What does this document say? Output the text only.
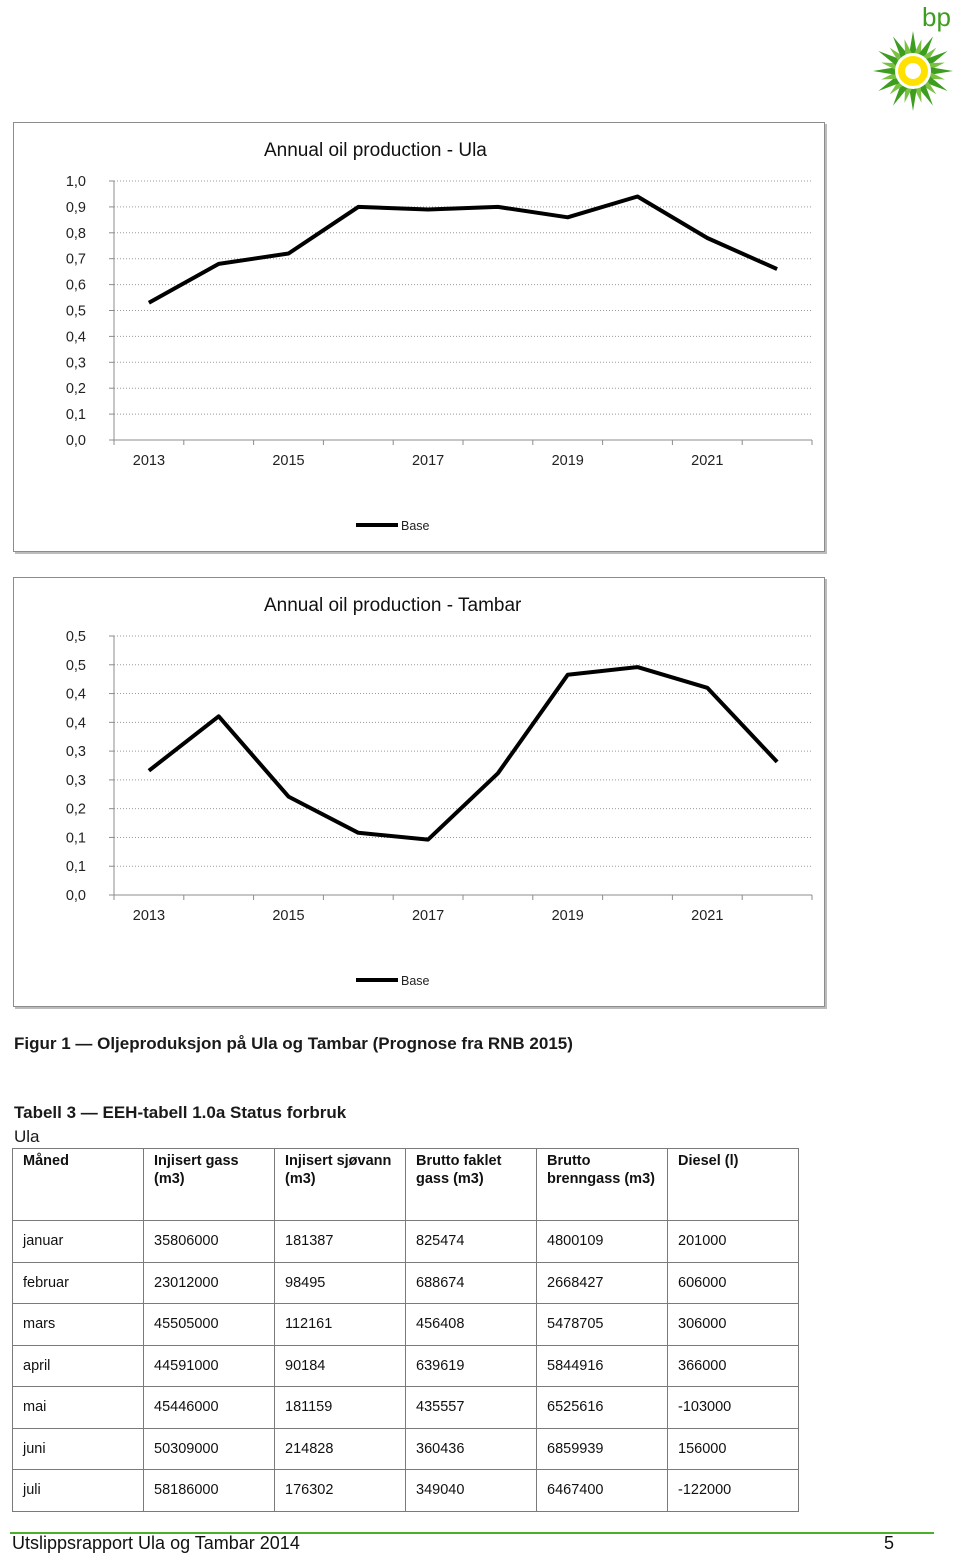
bp
Annual oil production - Ula
1,0
0,9
0,8
0,7
0,6
0,5
0,4
0,3
0,2
0,1
0,0
2013	2015	2017	2019	2021
Base
Annual oil production - Tambar
0,5
0,5
0,4
0,4
0,3
0,3
0,2
0,1
0,1
0,0
2013	2015	2017	2019	2021
Base
Figur 1 — Oljeproduksjon på Ula og Tambar (Prognose fra RNB 2015)
Tabell 3 — EEH-tabell 1.0a Status forbruk
Ula
Måned	Injisert gass (m3)	Injisert sjøvann (m3)	Brutto faklet gass (m3)	Brutto brenngass (m3)	Diesel (l)
januar	35806000	181387	825474	4800109	201000
februar	23012000	98495	688674	2668427	606000
mars	45505000	112161	456408	5478705	306000
april	44591000	90184	639619	5844916	366000
mai	45446000	181159	435557	6525616	-103000
juni	50309000	214828	360436	6859939	156000
juli	58186000	176302	349040	6467400	-122000
Utslippsrapport Ula og Tambar 2014	5
